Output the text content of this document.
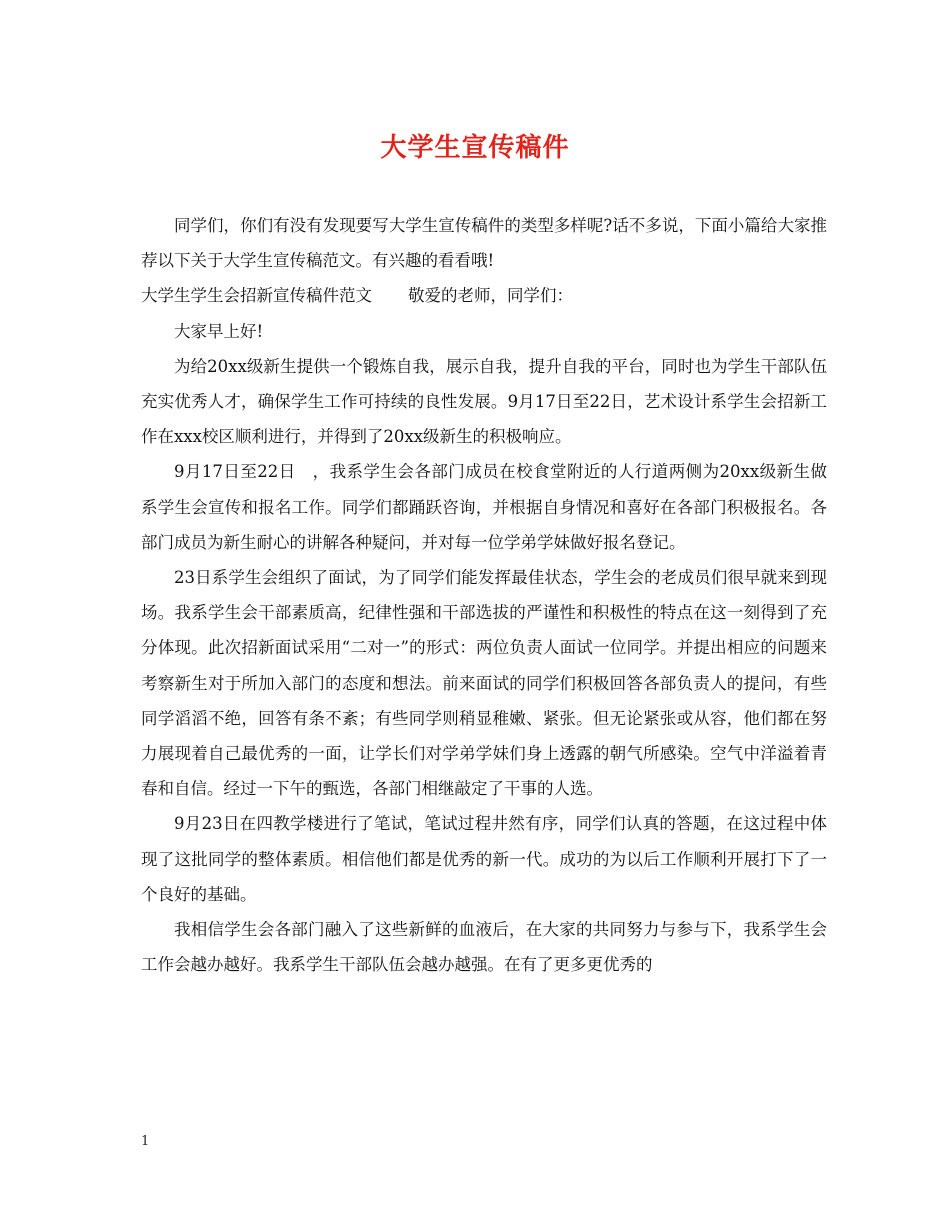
大学生宣传稿件

同学们，你们有没有发现要写大学生宣传稿件的类型多样呢?话不多说，下面小篇给大家推荐以下关于大学生宣传稿范文。有兴趣的看看哦!

大学生学生会招新宣传稿件范文 敬爱的老师，同学们：

大家早上好!

为给20xx级新生提供一个锻炼自我，展示自我，提升自我的平台，同时也为学生干部队伍充实优秀人才，确保学生工作可持续的良性发展。9月17日至22日，艺术设计系学生会招新工作在xxx校区顺利进行，并得到了20xx级新生的积极响应。

9月17日至22日　，我系学生会各部门成员在校食堂附近的人行道两侧为20xx级新生做系学生会宣传和报名工作。同学们都踊跃咨询，并根据自身情况和喜好在各部门积极报名。各部门成员为新生耐心的讲解各种疑问，并对每一位学弟学妹做好报名登记。

23日系学生会组织了面试，为了同学们能发挥最佳状态，学生会的老成员们很早就来到现场。我系学生会干部素质高，纪律性强和干部选拔的严谨性和积极性的特点在这一刻得到了充分体现。此次招新面试采用“二对一”的形式：两位负责人面试一位同学。并提出相应的问题来考察新生对于所加入部门的态度和想法。前来面试的同学们积极回答各部负责人的提问，有些同学滔滔不绝，回答有条不紊；有些同学则稍显稚嫩、紧张。但无论紧张或从容，他们都在努力展现着自己最优秀的一面，让学长们对学弟学妹们身上透露的朝气所感染。空气中洋溢着青春和自信。经过一下午的甄选，各部门相继敲定了干事的人选。

9月23日在四教学楼进行了笔试，笔试过程井然有序，同学们认真的答题，在这过程中体现了这批同学的整体素质。相信他们都是优秀的新一代。成功的为以后工作顺利开展打下了一个良好的基础。

我相信学生会各部门融入了这些新鲜的血液后，在大家的共同努力与参与下，我系学生会工作会越办越好。我系学生干部队伍会越办越强。在有了更多更优秀的

1
